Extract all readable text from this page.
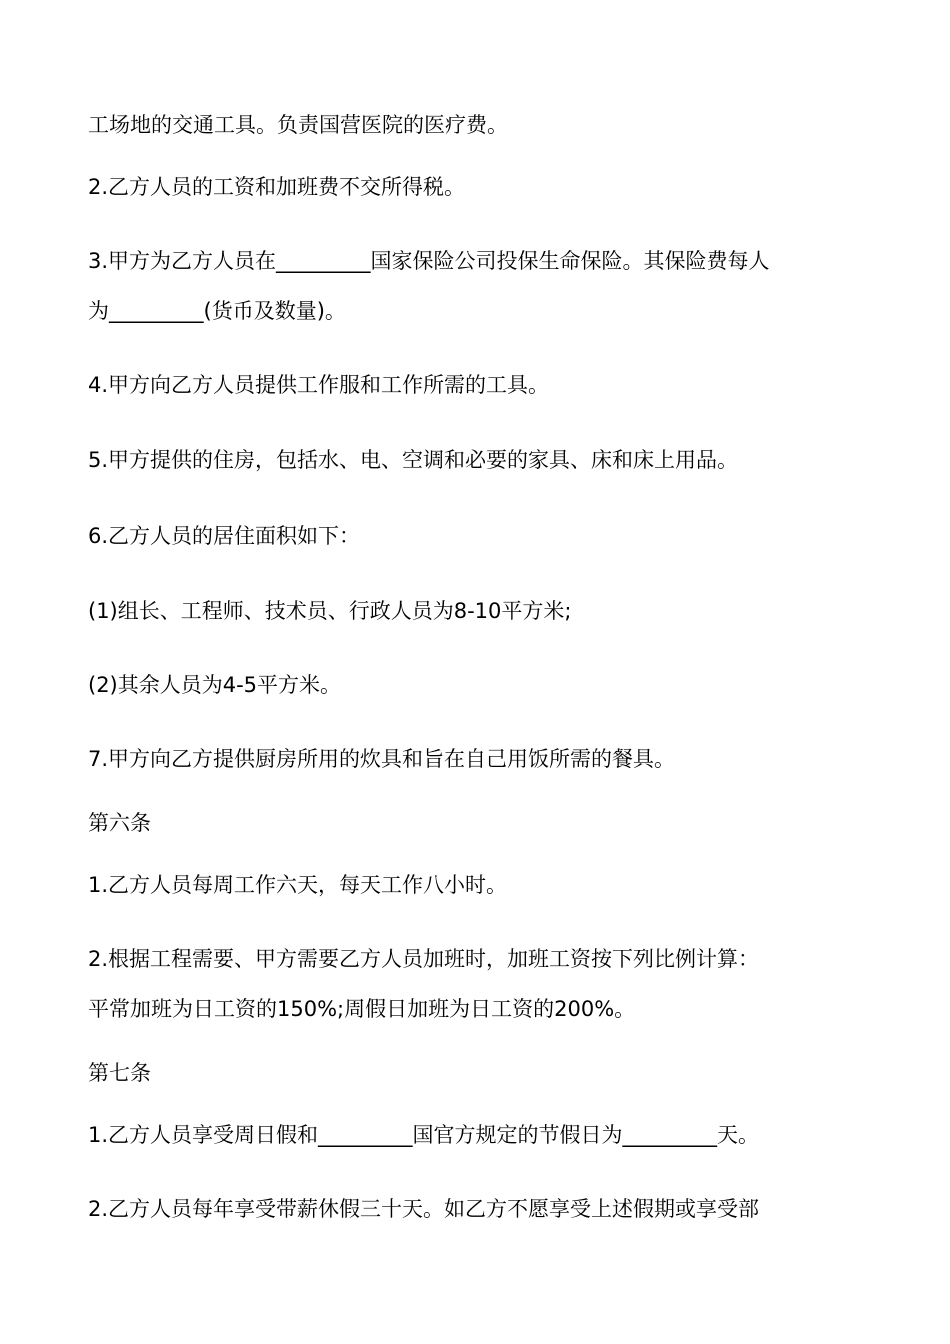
工场地的交通工具。负责国营医院的医疗费。

2.乙方人员的工资和加班费不交所得税。

3.甲方为乙方人员在_________国家保险公司投保生命保险。其保险费每人

为_________(货币及数量)。

4.甲方向乙方人员提供工作服和工作所需的工具。

5.甲方提供的住房，包括水、电、空调和必要的家具、床和床上用品。

6.乙方人员的居住面积如下：

(1)组长、工程师、技术员、行政人员为8-10平方米;

(2)其余人员为4-5平方米。

7.甲方向乙方提供厨房所用的炊具和旨在自己用饭所需的餐具。

第六条

1.乙方人员每周工作六天，每天工作八小时。

2.根据工程需要、甲方需要乙方人员加班时，加班工资按下列比例计算：

平常加班为日工资的150%;周假日加班为日工资的200%。

第七条

1.乙方人员享受周日假和_________国官方规定的节假日为_________天。

2.乙方人员每年享受带薪休假三十天。如乙方不愿享受上述假期或享受部
